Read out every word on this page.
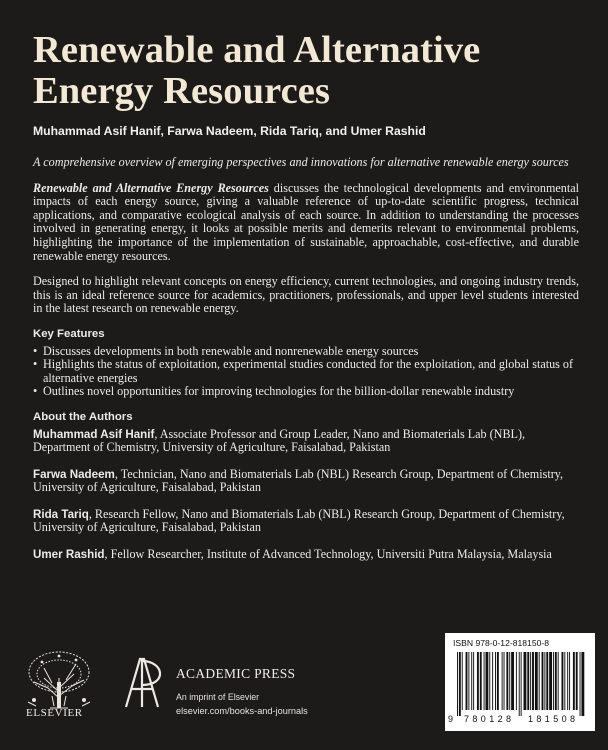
Renewable and Alternative
Energy Resources
Muhammad Asif Hanif, Farwa Nadeem, Rida Tariq, and Umer Rashid

A comprehensive overview of emerging perspectives and innovations for alternative renewable energy sources

Renewable and Alternative Energy Resources discusses the technological developments and environmental impacts of each energy source, giving a valuable reference of up-to-date scientific progress, technical applications, and comparative ecological analysis of each source. In addition to understanding the processes involved in generating energy, it looks at possible merits and demerits relevant to environmental problems, highlighting the importance of the implementation of sustainable, approachable, cost-effective, and durable renewable energy resources.

Designed to highlight relevant concepts on energy efficiency, current technologies, and ongoing industry trends, this is an ideal reference source for academics, practitioners, professionals, and upper level students interested in the latest research on renewable energy.

Key Features
• Discusses developments in both renewable and nonrenewable energy sources
• Highlights the status of exploitation, experimental studies conducted for the exploitation, and global status of alternative energies
• Outlines novel opportunities for improving technologies for the billion-dollar renewable industry
About the Authors

Muhammad Asif Hanif, Associate Professor and Group Leader, Nano and Biomaterials Lab (NBL), Department of Chemistry, University of Agriculture, Faisalabad, Pakistan

Farwa Nadeem, Technician, Nano and Biomaterials Lab (NBL) Research Group, Department of Chemistry, University of Agriculture, Faisalabad, Pakistan

Rida Tariq, Research Fellow, Nano and Biomaterials Lab (NBL) Research Group, Department of Chemistry, University of Agriculture, Faisalabad, Pakistan

Umer Rashid, Fellow Researcher, Institute of Advanced Technology, Universiti Putra Malaysia, Malaysia

ELSEVIER
ACADEMIC PRESS
An imprint of Elsevier
elsevier.com/books-and-journals
ISBN 978-0-12-818150-8
9 780128 181508
